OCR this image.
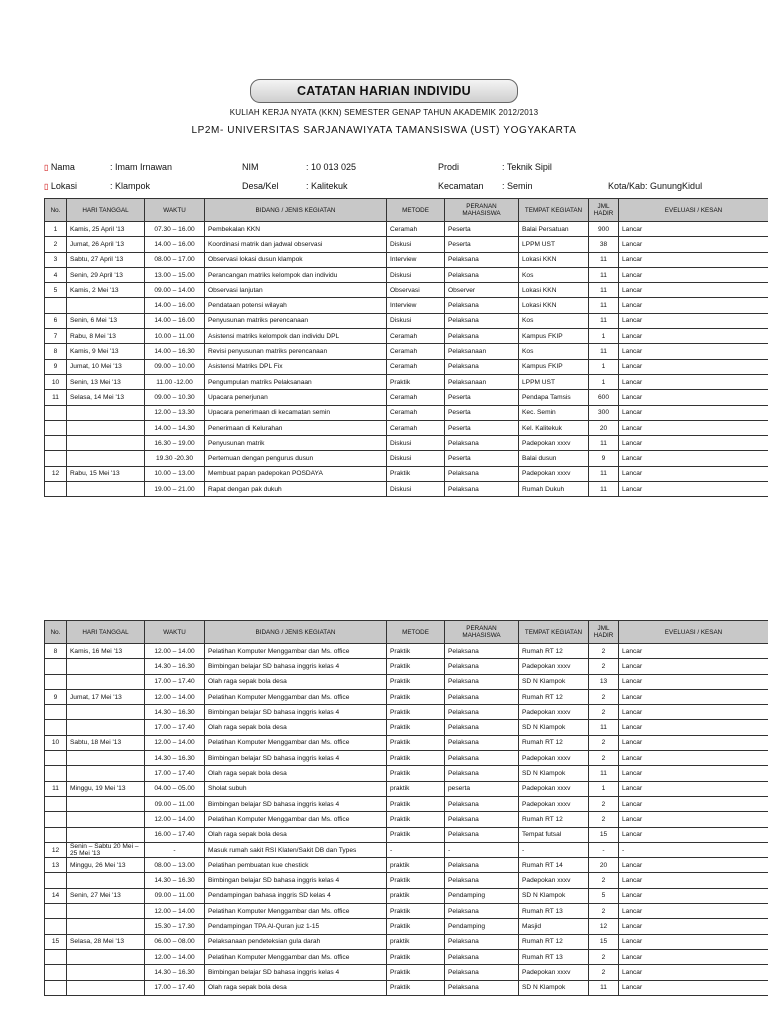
CATATAN HARIAN INDIVIDU
KULIAH KERJA NYATA (KKN) SEMESTER GENAP TAHUN AKADEMIK 2012/2013
LP2M- UNIVERSITAS SARJANAWIYATA TAMANSISWA (UST) YOGYAKARTA
▯ Nama	: Imam Irnawan	NIM	: 10 013 025	Prodi	: Teknik Sipil
▯ Lokasi	: Klampok	Desa/Kel	: Kalitekuk	Kecamatan : Semin	Kota/Kab: GunungKidul
No.	HARI TANGGAL	WAKTU	BIDANG / JENIS KEGIATAN	METODE	PERANAN MAHASISWA	TEMPAT KEGIATAN	JML HADIR	EVELUASI / KESAN
1	Kamis, 25 April '13	07.30 – 16.00	Pembekalan KKN	Ceramah	Peserta	Balai Persatuan	900	Lancar
2	Jumat, 26 April '13	14.00 – 16.00	Koordinasi matrik dan jadwal observasi	Diskusi	Peserta	LPPM UST	38	Lancar
3	Sabtu, 27 April '13	08.00 – 17.00	Observasi lokasi dusun klampok	Interview	Pelaksana	Lokasi KKN	11	Lancar
4	Senin, 29 April '13	13.00 – 15.00	Perancangan matriks kelompok dan individu	Diskusi	Pelaksana	Kos	11	Lancar
5	Kamis, 2 Mei '13	09.00 – 14.00	Observasi lanjutan	Observasi	Observer	Lokasi KKN	11	Lancar
		14.00 – 16.00	Pendataan potensi wilayah	Interview	Pelaksana	Lokasi KKN	11	Lancar
6	Senin, 6 Mei '13	14.00 – 16.00	Penyusunan matriks perencanaan	Diskusi	Pelaksana	Kos	11	Lancar
7	Rabu, 8 Mei '13	10.00 – 11.00	Asistensi matriks kelompok dan individu DPL	Ceramah	Pelaksana	Kampus FKIP	1	Lancar
8	Kamis, 9 Mei '13	14.00 – 16.30	Revisi penyusunan matriks perencanaan	Ceramah	Pelaksanaan	Kos	11	Lancar
9	Jumat, 10 Mei '13	09.00 – 10.00	Asistensi Matriks DPL Fix	Ceramah	Pelaksana	Kampus FKIP	1	Lancar
10	Senin, 13 Mei '13	11.00 -12.00	Pengumpulan matriks Pelaksanaan	Praktik	Pelaksanaan	LPPM UST	1	Lancar
11	Selasa, 14 Mei '13	09.00 – 10.30	Upacara penerjunan	Ceramah	Peserta	Pendapa Tamsis	600	Lancar
		12.00 – 13.30	Upacara penerimaan di kecamatan semin	Ceramah	Peserta	Kec. Semin	300	Lancar
		14.00 – 14.30	Penerimaan di Kelurahan	Ceramah	Peserta	Kel. Kalitekuk	20	Lancar
		16.30 – 19.00	Penyusunan matrik	Diskusi	Pelaksana	Padepokan xxxv	11	Lancar
		19.30 -20.30	Pertemuan dengan pengurus dusun	Diskusi	Peserta	Balai dusun	9	Lancar
12	Rabu, 15 Mei '13	10.00 – 13.00	Membuat papan padepokan POSDAYA	Praktik	Pelaksana	Padepokan xxxv	11	Lancar
		19.00 – 21.00	Rapat dengan pak dukuh	Diskusi	Pelaksana	Rumah Dukuh	11	Lancar
No.	HARI TANGGAL	WAKTU	BIDANG / JENIS KEGIATAN	METODE	PERANAN MAHASISWA	TEMPAT KEGIATAN	JML HADIR	EVELUASI / KESAN
8	Kamis, 16 Mei '13	12.00 – 14.00	Pelatihan Komputer Menggambar dan Ms. office	Praktik	Pelaksana	Rumah RT 12	2	Lancar
		14.30 – 16.30	Bimbingan belajar SD bahasa inggris kelas 4	Praktik	Pelaksana	Padepokan xxxv	2	Lancar
		17.00 – 17.40	Olah raga sepak bola desa	Praktik	Pelaksana	SD N Klampok	13	Lancar
9	Jumat, 17 Mei '13	12.00 – 14.00	Pelatihan Komputer Menggambar dan Ms. office	Praktik	Pelaksana	Rumah RT 12	2	Lancar
		14.30 – 16.30	Bimbingan belajar SD bahasa inggris kelas 4	Praktik	Pelaksana	Padepokan xxxv	2	Lancar
		17.00 – 17.40	Olah raga sepak bola desa	Praktik	Pelaksana	SD N Klampok	11	Lancar
10	Sabtu, 18 Mei '13	12.00 – 14.00	Pelatihan Komputer Menggambar dan Ms. office	Praktik	Pelaksana	Rumah RT 12	2	Lancar
		14.30 – 16.30	Bimbingan belajar SD bahasa inggris kelas 4	Praktik	Pelaksana	Padepokan xxxv	2	Lancar
		17.00 – 17.40	Olah raga sepak bola desa	Praktik	Pelaksana	SD N Klampok	11	Lancar
11	Minggu, 19 Mei '13	04.00 – 05.00	Sholat subuh	praktik	peserta	Padepokan xxxv	1	Lancar
		09.00 – 11.00	Bimbingan belajar SD bahasa inggris kelas 4	Praktik	Pelaksana	Padepokan xxxv	2	Lancar
		12.00 – 14.00	Pelatihan Komputer Menggambar dan Ms. office	Praktik	Pelaksana	Rumah RT 12	2	Lancar
		16.00 – 17.40	Olah raga sepak bola desa	Praktik	Pelaksana	Tempat futsal	15	Lancar
12	Senin – Sabtu 20 Mei – 25 Mei '13	-	Masuk rumah sakit RSI Klaten/Sakit DB dan Types	-	-	-	-	-
13	Minggu, 26 Mei '13	08.00 – 13.00	Pelatihan pembuatan kue chestick	praktik	Pelaksana	Rumah RT 14	20	Lancar
		14.30 – 16.30	Bimbingan belajar SD bahasa inggris kelas 4	Praktik	Pelaksana	Padepokan xxxv	2	Lancar
14	Senin, 27 Mei '13	09.00 – 11.00	Pendampingan bahasa inggris SD kelas 4	praktik	Pendamping	SD N Klampok	5	Lancar
		12.00 – 14.00	Pelatihan Komputer Menggambar dan Ms. office	Praktik	Pelaksana	Rumah RT 13	2	Lancar
		15.30 – 17.30	Pendampingan TPA Al-Quran juz 1-15	Praktik	Pendamping	Masjid	12	Lancar
15	Selasa, 28 Mei '13	06.00 – 08.00	Pelaksanaan pendeteksian gula darah	praktik	Pelaksana	Rumah RT 12	15	Lancar
		12.00 – 14.00	Pelatihan Komputer Menggambar dan Ms. office	Praktik	Pelaksana	Rumah RT 13	2	Lancar
		14.30 – 16.30	Bimbingan belajar SD bahasa inggris kelas 4	Praktik	Pelaksana	Padepokan xxxv	2	Lancar
		17.00 – 17.40	Olah raga sepak bola desa	Praktik	Pelaksana	SD N Klampok	11	Lancar
